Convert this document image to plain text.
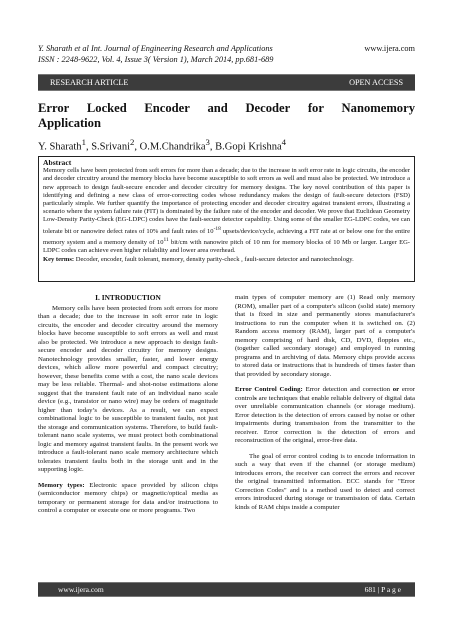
Y. Sharath et al Int. Journal of Engineering Research and Applications
ISSN : 2248-9622, Vol. 4, Issue 3( Version 1), March 2014, pp.681-689
www.ijera.com
RESEARCH ARTICLE	OPEN ACCESS
Error Locked Encoder and Decoder for Nanomemory
Application
Y. Sharath$^1$, S.Srivani$^2$, O.M.Chandrika$^3$, B.Gopi Krishna$^4$
Abstract
Memory cells have been protected from soft errors for more than a decade; due to the increase in soft error rate in logic circuits, the encoder and decoder circuitry around the memory blocks have become susceptible to soft errors as well and must also be protected. We introduce a new approach to design fault-secure encoder and decoder circuitry for memory designs. The key novel contribution of this paper is identifying and defining a new class of error-correcting codes whose redundancy makes the design of fault-secure detectors (FSD) particularly simple. We further quantify the importance of protecting encoder and decoder circuitry against transient errors, illustrating a scenario where the system failure rate (FIT) is dominated by the failure rate of the encoder and decoder. We prove that Euclidean Geometry Low-Density Parity-Check (EG-LDPC) codes have the fault-secure detector capability. Using some of the smaller EG-LDPC codes, we can tolerate bit or nanowire defect rates of 10% and fault rates of $10^{-18}$ upsets/device/cycle, achieving a FIT rate at or below one for the entire memory system and a memory density of $10^{11}$ bit/cm with nanowire pitch of 10 nm for memory blocks of 10 Mb or larger. Larger EG-LDPC codes can achieve even higher reliability and lower area overhead.
Key terms: Decoder, encoder, fault tolerant, memory, density parity-check , fault-secure detector and nanotechnology.
I. INTRODUCTION

Memory cells have been protected from soft errors for more than a decade; due to the increase in soft error rate in logic circuits, the encoder and decoder circuitry around the memory blocks have become susceptible to soft errors as well and must also be protected. We introduce a new approach to design fault-secure encoder and decoder circuitry for memory designs. Nanotechnology provides smaller, faster, and lower energy devices, which allow more powerful and compact circuitry; however, these benefits come with a cost, the nano scale devices may be less reliable. Thermal- and shot-noise estimations alone suggest that the transient fault rate of an individual nano scale device (e.g., transistor or nano wire) may be orders of magnitude higher than today’s devices. As a result, we can expect combinational logic to be susceptible to transient faults, not just the storage and communication systems. Therefore, to build fault-tolerant nano scale systems, we must protect both combinational logic and memory against transient faults. In the present work we introduce a fault-tolerant nano scale memory architecture which tolerates transient faults both in the storage unit and in the supporting logic.

Memory types: Electronic space provided by silicon chips (semiconductor memory chips) or magnetic/optical media as temporary or permanent storage for data and/or instructions to control a computer or execute one or more programs. Two

main types of computer memory are (1) Read only memory (ROM), smaller part of a computer's silicon (solid state) memory that is fixed in size and permanently stores manufacturer's instructions to run the computer when it is switched on. (2) Random access memory (RAM), larger part of a computer's memory comprising of hard disk, CD, DVD, floppies etc., (together called secondary storage) and employed in running programs and in archiving of data. Memory chips provide access to stored data or instructions that is hundreds of times faster than that provided by secondary storage.

Error Control Coding: Error detection and correction or error controls are techniques that enable reliable delivery of digital data over unreliable communication channels (or storage medium). Error detection is the detection of errors caused by noise or other impairments during transmission from the transmitter to the receiver. Error correction is the detection of errors and reconstruction of the original, error-free data.

The goal of error control coding is to encode information in such a way that even if the channel (or storage medium) introduces errors, the receiver can correct the errors and recover the original transmitted information. ECC stands for "Error Correction Codes" and is a method used to detect and correct errors introduced during storage or transmission of data. Certain kinds of RAM chips inside a computer

www.ijera.com	681 | P a g e
